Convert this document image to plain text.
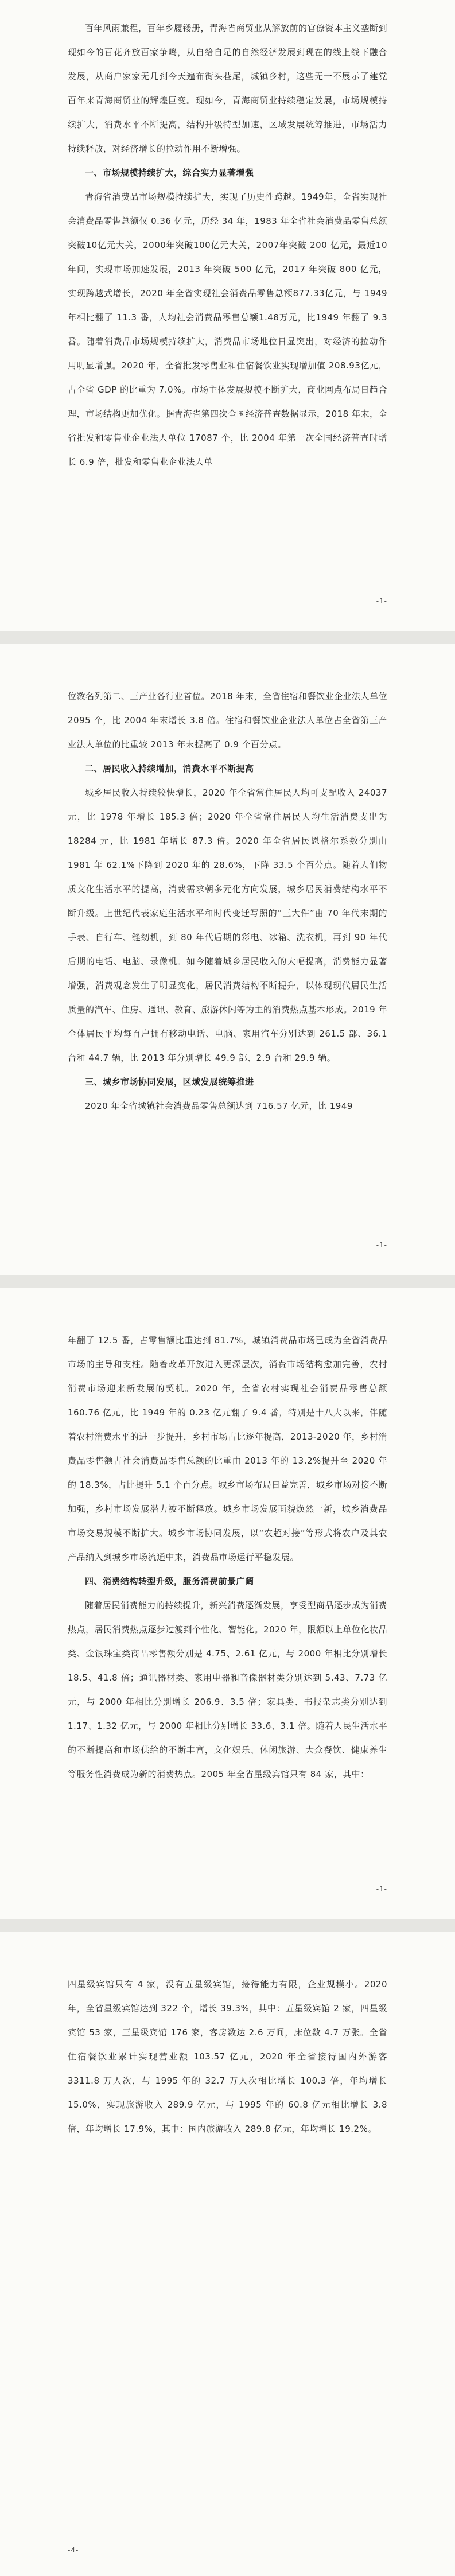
百年风雨兼程，百年乡履镂册，青海省商贸业从解放前的官僚资本主义垄断到现如今的百花齐放百家争鸣，从自给自足的自然经济发展到现在的线上线下融合发展，从商户家家无几到今天遍布街头巷尾，城镇乡村，这些无一不展示了建党百年来青海商贸业的辉煌巨变。现如今，青海商贸业持续稳定发展，市场规模持续扩大，消费水平不断提高，结构升级特型加速，区域发展统筹推进，市场活力持续释放，对经济增长的拉动作用不断增强。

一、市场规模持续扩大，综合实力显著增强

青海省消费品市场规模持续扩大，实现了历史性跨越。1949年，全省实现社会消费品零售总额仅 0.36 亿元，历经 34 年，1983 年全省社会消费品零售总额突破10亿元大关，2000年突破100亿元大关，2007年突破 200 亿元，最近10年间，实现市场加速发展，2013 年突破 500 亿元，2017 年突破 800 亿元，实现跨越式增长，2020 年全省实现社会消费品零售总额877.33亿元，与 1949 年相比翻了 11.3 番，人均社会消费品零售总额1.48万元，比1949 年翻了 9.3 番。随着消费品市场规模持续扩大，消费品市场地位日显突出，对经济的拉动作用明显增强。2020 年，全省批发零售业和住宿餐饮业实现增加值 208.93亿元，占全省 GDP 的比重为 7.0%。市场主体发展规模不断扩大，商业网点布局日趋合理，市场结构更加优化。据青海省第四次全国经济普查数据显示，2018 年末，全省批发和零售业企业法人单位 17087 个，比 2004 年第一次全国经济普查时增长 6.9 倍，批发和零售业企业法人单

-1-

位数名列第二、三产业各行业首位。2018 年末，全省住宿和餐饮业企业法人单位 2095 个，比 2004 年末增长 3.8 倍。住宿和餐饮业企业法人单位占全省第三产业法人单位的比重较 2013 年末提高了 0.9 个百分点。

二、居民收入持续增加，消费水平不断提高

城乡居民收入持续较快增长，2020 年全省常住居民人均可支配收入 24037 元，比 1978 年增长 185.3 倍；2020 年全省常住居民人均生活消费支出为 18284 元，比 1981 年增长 87.3 倍。2020 年全省居民恩格尔系数分别由 1981 年 62.1%下降到 2020 年的 28.6%，下降 33.5 个百分点。随着人们物质文化生活水平的提高，消费需求朝多元化方向发展，城乡居民消费结构水平不断升级。上世纪代表家庭生活水平和时代变迁写照的“三大件”由 70 年代末期的手表、自行车、缝纫机，到 80 年代后期的彩电、冰箱、洗衣机，再到 90 年代后期的电话、电脑、录像机。如今随着城乡居民收入的大幅提高，消费能力显著增强，消费观念发生了明显变化，居民消费结构不断提升，以体现现代居民生活质量的汽车、住房、通讯、教育、旅游休闲等为主的消费热点基本形成。2019 年全体居民平均每百户拥有移动电话、电脑、家用汽车分别达到 261.5 部、36.1 台和 44.7 辆，比 2013 年分别增长 49.9 部、2.9 台和 29.9 辆。

三、城乡市场协同发展，区域发展统筹推进

2020 年全省城镇社会消费品零售总额达到 716.57 亿元，比 1949

-1-

年翻了 12.5 番，占零售额比重达到 81.7%，城镇消费品市场已成为全省消费品市场的主导和支柱。随着改革开放进入更深层次，消费市场结构愈加完善，农村消费市场迎来新发展的契机。2020 年，全省农村实现社会消费品零售总额 160.76 亿元，比 1949 年的 0.23 亿元翻了 9.4 番，特别是十八大以来，伴随着农村消费水平的进一步提升，乡村市场占比逐年提高，2013-2020 年，乡村消费品零售额占社会消费品零售总额的比重由 2013 年的 13.2%提升至 2020 年的 18.3%，占比提升 5.1 个百分点。城乡市场布局日益完善，城乡市场对接不断加强，乡村市场发展潜力被不断释放。城乡市场发展面貌焕然一新，城乡消费品市场交易规模不断扩大。城乡市场协同发展，以“农超对接”等形式将农户及其农产品纳入到城乡市场流通中来，消费品市场运行平稳发展。

四、消费结构转型升级，服务消费前景广阔

随着居民消费能力的持续提升，新兴消费逐渐发展，享受型商品逐步成为消费热点，居民消费热点逐步过渡到个性化、智能化。2020 年，限额以上单位化妆品类、金银珠宝类商品零售额分别是 4.75、2.61 亿元，与 2000 年相比分别增长 18.5、41.8 倍；通讯器材类、家用电器和音像器材类分别达到 5.43、7.73 亿元，与 2000 年相比分别增长 206.9、3.5 倍；家具类、书报杂志类分别达到 1.17、1.32 亿元，与 2000 年相比分别增长 33.6、3.1 倍。随着人民生活水平的不断提高和市场供给的不断丰富，文化娱乐、休闲旅游、大众餐饮、健康养生等服务性消费成为新的消费热点。2005 年全省星级宾馆只有 84 家，其中：

-1-

四星级宾馆只有 4 家，没有五星级宾馆，接待能力有限，企业规模小。2020 年，全省星级宾馆达到 322 个，增长 39.3%，其中：五星级宾馆 2 家，四星级宾馆 53 家，三星级宾馆 176 家，客房数达 2.6 万间，床位数 4.7 万张。全省住宿餐饮业累计实现营业额 103.57 亿元，2020 年全省接待国内外游客 3311.8 万人次，与 1995 年的 32.7 万人次相比增长 100.3 倍，年均增长 15.0%，实现旅游收入 289.9 亿元，与 1995 年的 60.8 亿元相比增长 3.8 倍，年均增长 17.9%，其中：国内旅游收入 289.8 亿元，年均增长 19.2%。

-4-
